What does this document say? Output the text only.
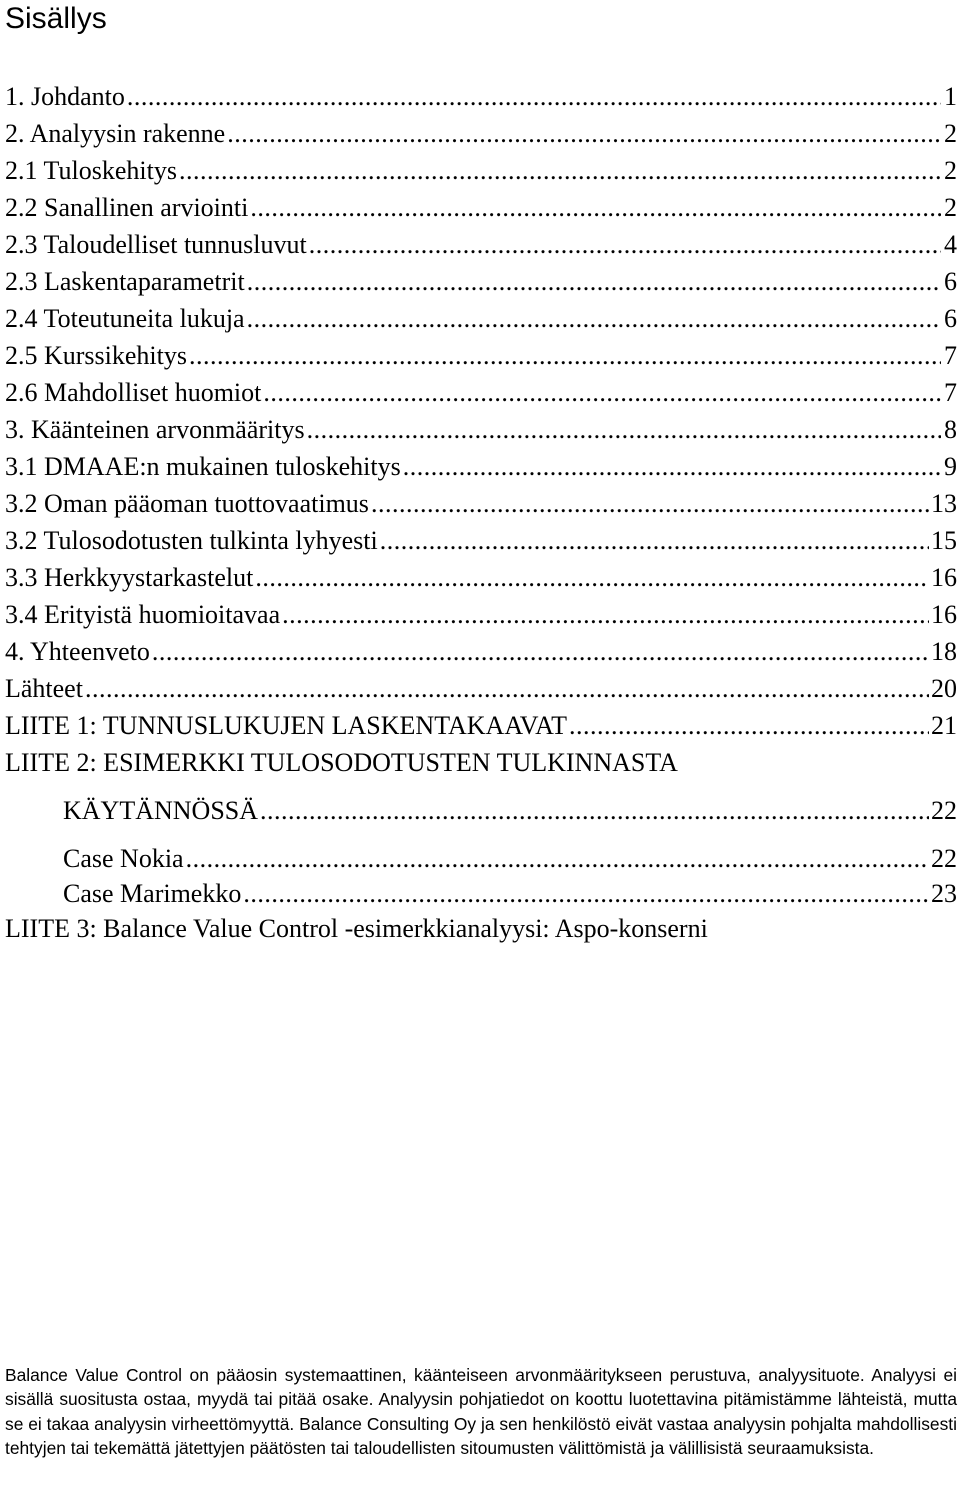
Sisällys
1. Johdanto .....	1
2. Analyysin rakenne .....	2
2.1 Tuloskehitys .....	2
2.2 Sanallinen arviointi .....	2
2.3 Taloudelliset tunnusluvut .....	4
2.3 Laskentaparametrit .....	6
2.4 Toteutuneita lukuja .....	6
2.5 Kurssikehitys .....	7
2.6 Mahdolliset huomiot .....	7
3. Käänteinen arvonmääritys .....	8
3.1 DMAAE:n mukainen tuloskehitys .....	9
3.2 Oman pääoman tuottovaatimus .....	13
3.2 Tulosodotusten tulkinta lyhyesti .....	15
3.3 Herkkyystarkastelut .....	16
3.4 Erityistä huomioitavaa .....	16
4. Yhteenveto .....	18
Lähteet .....	20
LIITE 1: TUNNUSLUKUJEN LASKENTAKAAVAT .....	21
LIITE 2: ESIMERKKI TULOSODOTUSTEN TULKINNASTA
KÄYTÄNNÖSSÄ .....	22
Case Nokia .....	22
Case Marimekko .....	23
LIITE 3: Balance Value Control -esimerkkianalyysi: Aspo-konserni

Balance Value Control on pääosin systemaattinen, käänteiseen arvonmääritykseen perustuva, analyysituote. Analyysi ei sisällä suositusta ostaa, myydä tai pitää osake. Analyysin pohjatiedot on koottu luotettavina pitämistämme lähteistä, mutta se ei takaa analyysin virheettömyyttä. Balance Consulting Oy ja sen henkilöstö eivät vastaa analyysin pohjalta mahdollisesti tehtyjen tai tekemättä jätettyjen päätösten tai taloudellisten sitoumusten välittömistä ja välillisistä seuraamuksista.
